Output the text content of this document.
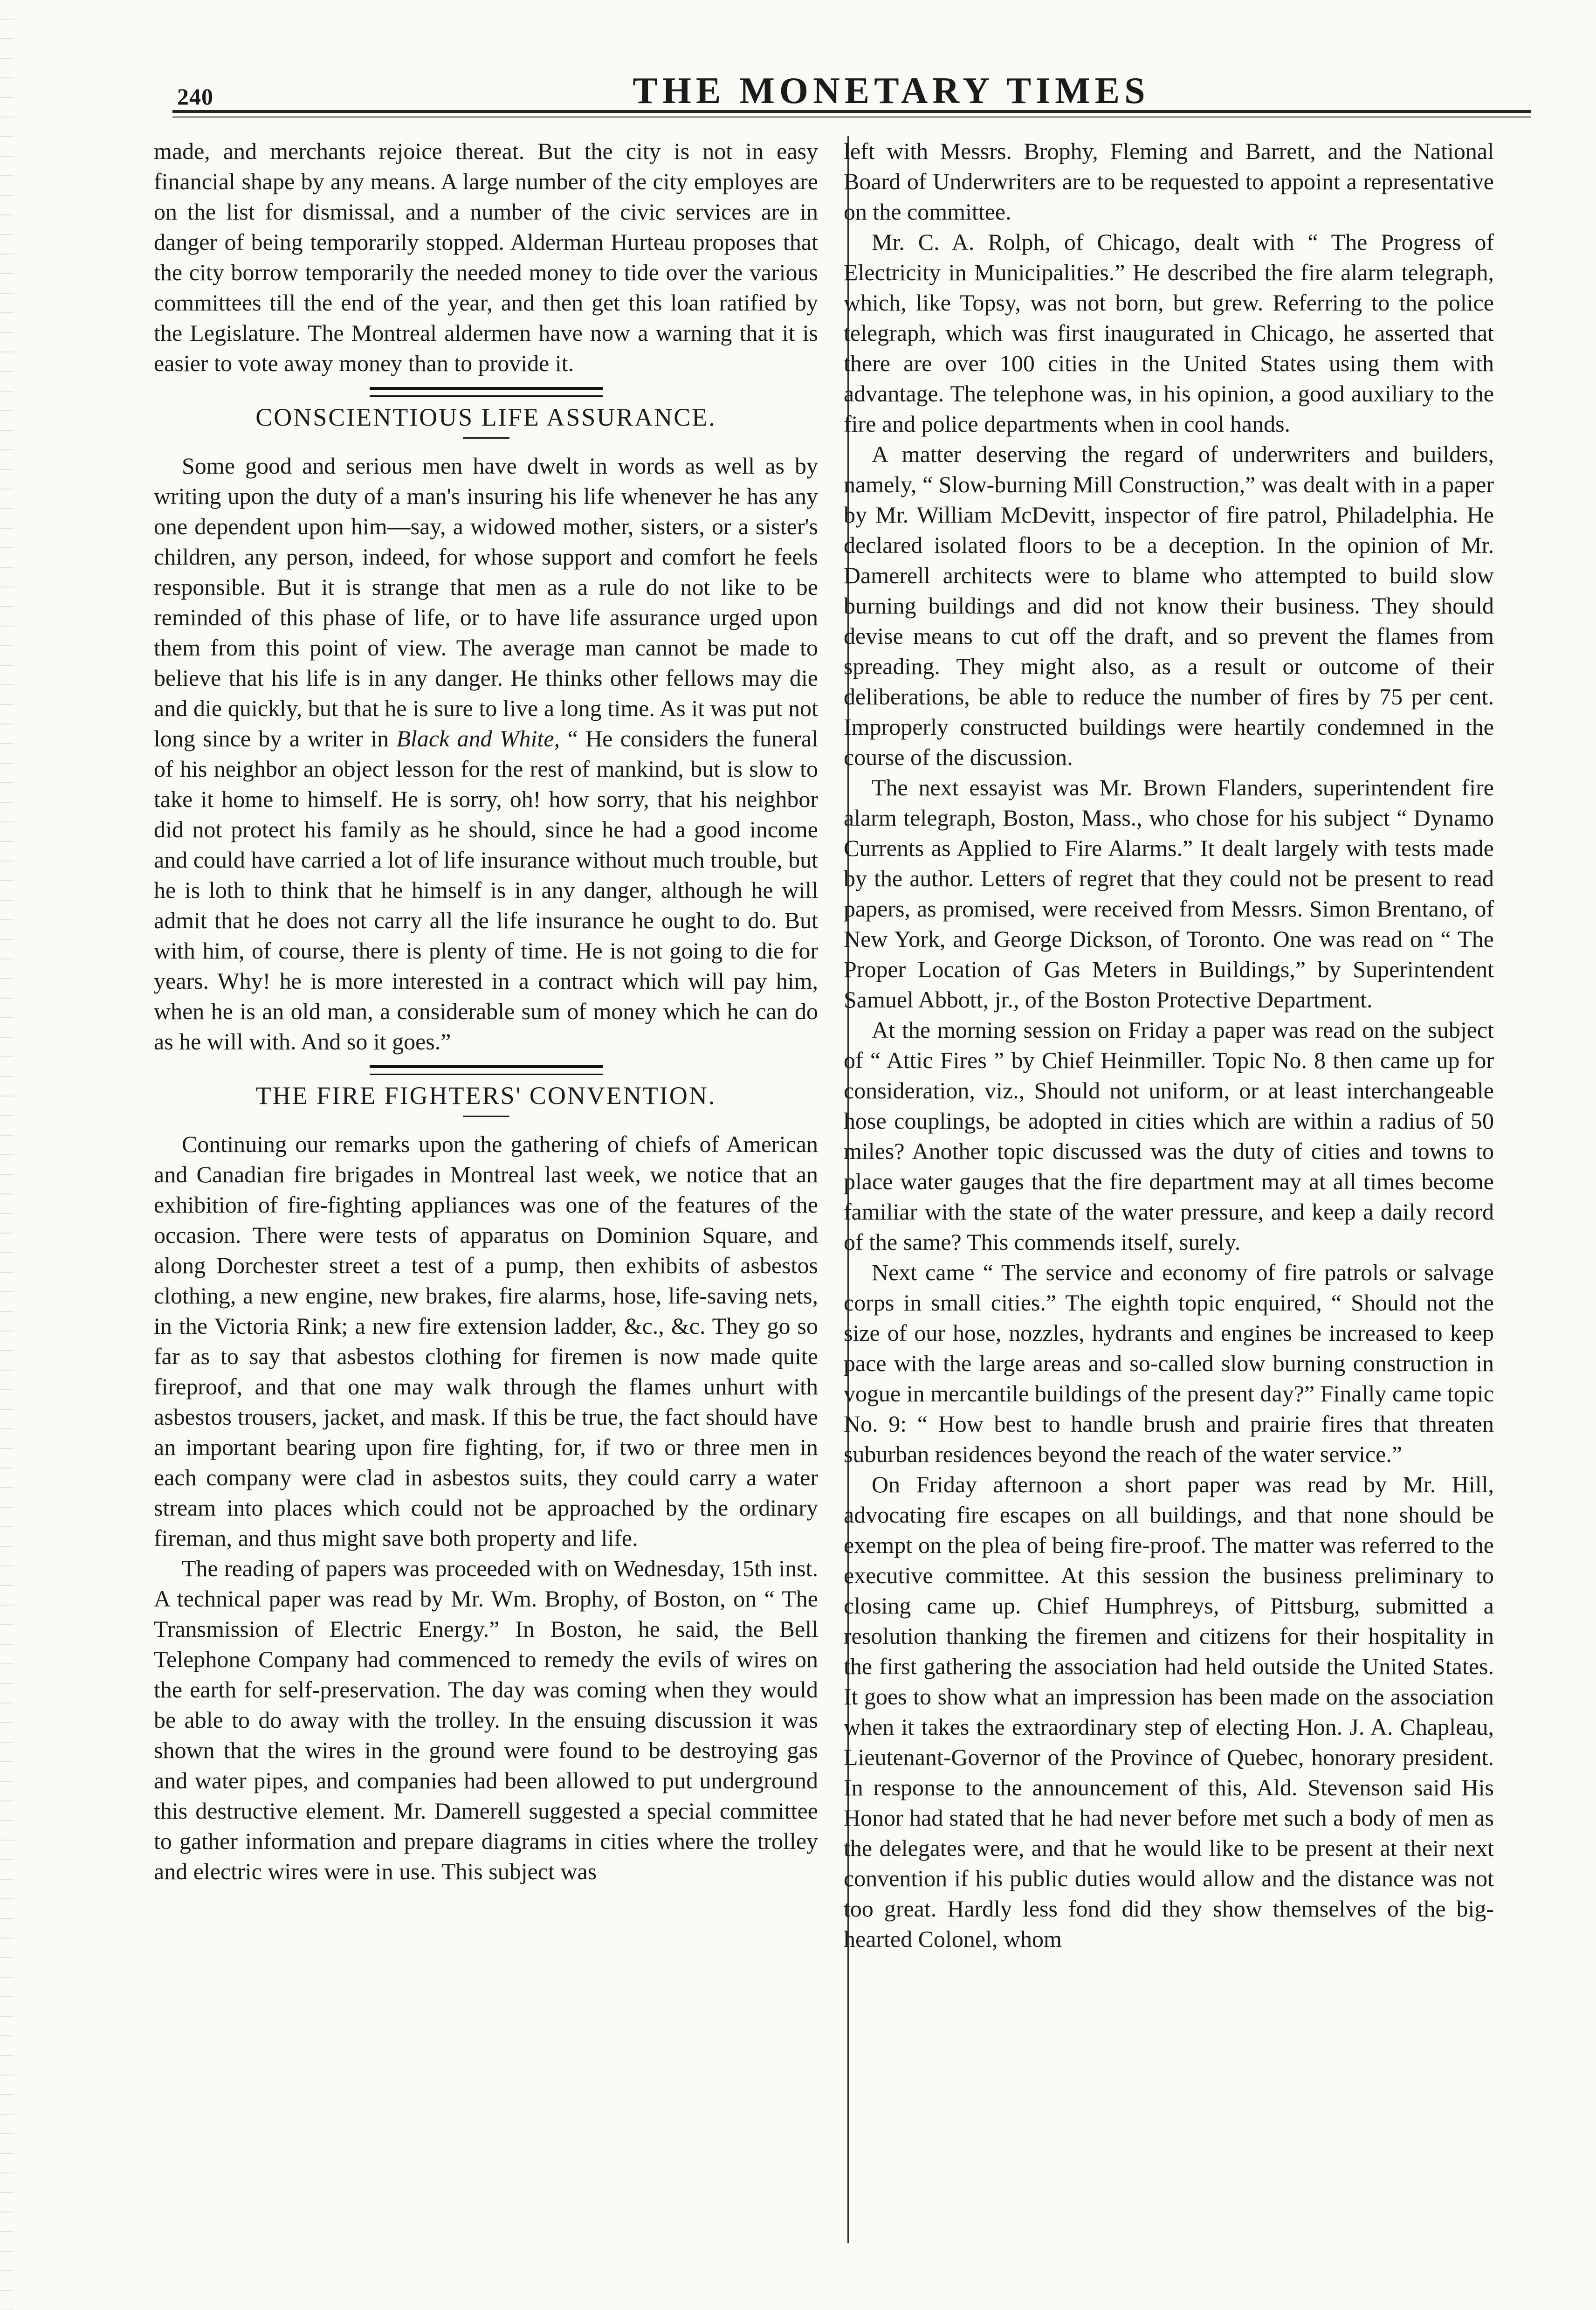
240	THE MONETARY TIMES

made, and merchants rejoice thereat. But the city is not in easy financial shape by any means. A large number of the city employes are on the list for dismissal, and a number of the civic services are in danger of being temporarily stopped. Alderman Hurteau proposes that the city borrow temporarily the needed money to tide over the various committees till the end of the year, and then get this loan ratified by the Legislature. The Montreal aldermen have now a warning that it is easier to vote away money than to provide it.

CONSCIENTIOUS LIFE ASSURANCE.

Some good and serious men have dwelt in words as well as by writing upon the duty of a man's insuring his life whenever he has any one dependent upon him—say, a widowed mother, sisters, or a sister's children, any person, indeed, for whose support and comfort he feels responsible. But it is strange that men as a rule do not like to be reminded of this phase of life, or to have life assurance urged upon them from this point of view. The average man cannot be made to believe that his life is in any danger. He thinks other fellows may die and die quickly, but that he is sure to live a long time. As it was put not long since by a writer in Black and White, “ He considers the funeral of his neighbor an object lesson for the rest of mankind, but is slow to take it home to himself. He is sorry, oh! how sorry, that his neighbor did not protect his family as he should, since he had a good income and could have carried a lot of life insurance without much trouble, but he is loth to think that he himself is in any danger, although he will admit that he does not carry all the life insurance he ought to do. But with him, of course, there is plenty of time. He is not going to die for years. Why! he is more interested in a contract which will pay him, when he is an old man, a considerable sum of money which he can do as he will with. And so it goes.”

THE FIRE FIGHTERS' CONVENTION.

Continuing our remarks upon the gathering of chiefs of American and Canadian fire brigades in Montreal last week, we notice that an exhibition of fire-fighting appliances was one of the features of the occasion. There were tests of apparatus on Dominion Square, and along Dorchester street a test of a pump, then exhibits of asbestos clothing, a new engine, new brakes, fire alarms, hose, life-saving nets, in the Victoria Rink; a new fire extension ladder, &c., &c. They go so far as to say that asbestos clothing for firemen is now made quite fireproof, and that one may walk through the flames unhurt with asbestos trousers, jacket, and mask. If this be true, the fact should have an important bearing upon fire fighting, for, if two or three men in each company were clad in asbestos suits, they could carry a water stream into places which could not be approached by the ordinary fireman, and thus might save both property and life.

The reading of papers was proceeded with on Wednesday, 15th inst. A technical paper was read by Mr. Wm. Brophy, of Boston, on “ The Transmission of Electric Energy.” In Boston, he said, the Bell Telephone Company had commenced to remedy the evils of wires on the earth for self-preservation. The day was coming when they would be able to do away with the trolley. In the ensuing discussion it was shown that the wires in the ground were found to be destroying gas and water pipes, and companies had been allowed to put underground this destructive element. Mr. Damerell suggested a special committee to gather information and prepare diagrams in cities where the trolley and electric wires were in use. This subject was

left with Messrs. Brophy, Fleming and Barrett, and the National Board of Underwriters are to be requested to appoint a representative on the committee.

Mr. C. A. Rolph, of Chicago, dealt with “ The Progress of Electricity in Municipalities.” He described the fire alarm telegraph, which, like Topsy, was not born, but grew. Referring to the police telegraph, which was first inaugurated in Chicago, he asserted that there are over 100 cities in the United States using them with advantage. The telephone was, in his opinion, a good auxiliary to the fire and police departments when in cool hands.

A matter deserving the regard of underwriters and builders, namely, “ Slow-burning Mill Construction,” was dealt with in a paper by Mr. William McDevitt, inspector of fire patrol, Philadelphia. He declared isolated floors to be a deception. In the opinion of Mr. Damerell architects were to blame who attempted to build slow burning buildings and did not know their business. They should devise means to cut off the draft, and so prevent the flames from spreading. They might also, as a result or outcome of their deliberations, be able to reduce the number of fires by 75 per cent. Improperly constructed buildings were heartily condemned in the course of the discussion.

The next essayist was Mr. Brown Flanders, superintendent fire alarm telegraph, Boston, Mass., who chose for his subject “ Dynamo Currents as Applied to Fire Alarms.” It dealt largely with tests made by the author. Letters of regret that they could not be present to read papers, as promised, were received from Messrs. Simon Brentano, of New York, and George Dickson, of Toronto. One was read on “ The Proper Location of Gas Meters in Buildings,” by Superintendent Samuel Abbott, jr., of the Boston Protective Department.

At the morning session on Friday a paper was read on the subject of “ Attic Fires ” by Chief Heinmiller. Topic No. 8 then came up for consideration, viz., Should not uniform, or at least interchangeable hose couplings, be adopted in cities which are within a radius of 50 miles? Another topic discussed was the duty of cities and towns to place water gauges that the fire department may at all times become familiar with the state of the water pressure, and keep a daily record of the same? This commends itself, surely.

Next came “ The service and economy of fire patrols or salvage corps in small cities.” The eighth topic enquired, “ Should not the size of our hose, nozzles, hydrants and engines be increased to keep pace with the large areas and so-called slow burning construction in vogue in mercantile buildings of the present day?” Finally came topic No. 9: “ How best to handle brush and prairie fires that threaten suburban residences beyond the reach of the water service.”

On Friday afternoon a short paper was read by Mr. Hill, advocating fire escapes on all buildings, and that none should be exempt on the plea of being fire-proof. The matter was referred to the executive committee. At this session the business preliminary to closing came up. Chief Humphreys, of Pittsburg, submitted a resolution thanking the firemen and citizens for their hospitality in the first gathering the association had held outside the United States. It goes to show what an impression has been made on the association when it takes the extraordinary step of electing Hon. J. A. Chapleau, Lieutenant-Governor of the Province of Quebec, honorary president. In response to the announcement of this, Ald. Stevenson said His Honor had stated that he had never before met such a body of men as the delegates were, and that he would like to be present at their next convention if his public duties would allow and the distance was not too great. Hardly less fond did they show themselves of the big-hearted Colonel, whom
